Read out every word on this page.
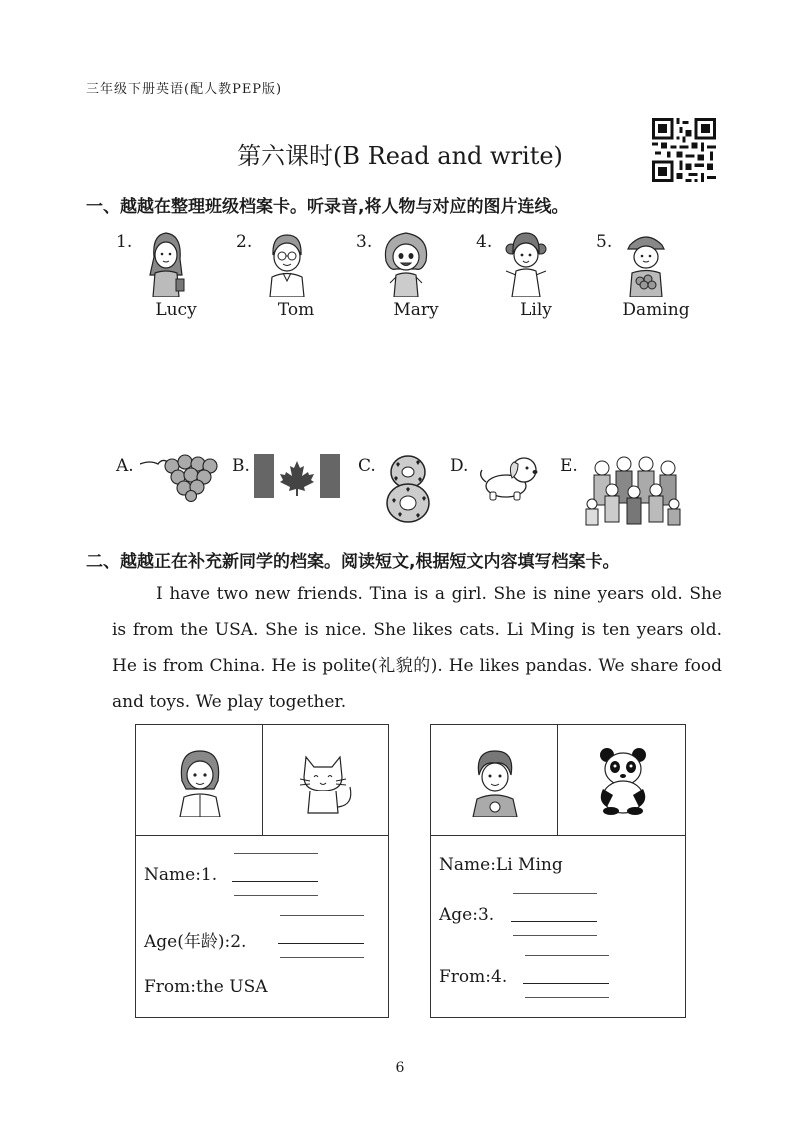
三年级下册英语(配人教PEP版)
第六课时(B Read and write)
一、越越在整理班级档案卡。听录音,将人物与对应的图片连线。
1.
Lucy
2.
Tom
3.
Mary
4.
Lily
5.
Daming
A.	B.	C.	D.	E.
二、越越正在补充新同学的档案。阅读短文,根据短文内容填写档案卡。

I have two new friends. Tina is a girl. She is nine years old. She is from the USA. She is nice. She likes cats. Li Ming is ten years old. He is from China. He is polite(礼貌的). He likes pandas. We share food and toys. We play together.

Name:1.
Age(年龄):2.
From:the USA
Name:Li Ming
Age:3.
From:4.
6
